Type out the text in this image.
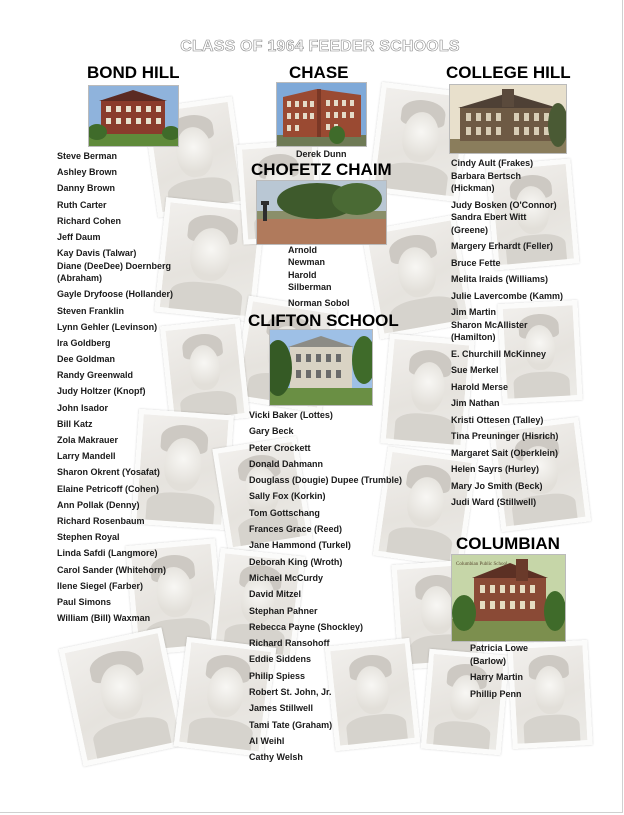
CLASS OF 1964 FEEDER SCHOOLS
BOND HILL
Steve Berman
Ashley Brown
Danny Brown
Ruth Carter
Richard Cohen
Jeff Daum
Kay Davis (Talwar)
Diane (DeeDee) Doernberg
(Abraham)
Gayle Dryfoose (Hollander)
Steven Franklin
Lynn Gehler (Levinson)
Ira Goldberg
Dee Goldman
Randy Greenwald
Judy Holtzer (Knopf)
John Isador
Bill Katz
Zola Makrauer
Larry Mandell
Sharon Okrent (Yosafat)
Elaine Petricoff (Cohen)
Ann Pollak (Denny)
Richard Rosenbaum
Stephen Royal
Linda Safdi (Langmore)
Carol Sander (Whitehorn)
Ilene Siegel (Farber)
Paul Simons
William (Bill) Waxman
CHASE
Derek Dunn
CHOFETZ CHAIM
Arnold
Newman
Harold
Silberman
Norman Sobol
CLIFTON SCHOOL
Vicki Baker (Lottes)
Gary Beck
Peter Crockett
Donald Dahmann
Douglass (Dougie) Dupee (Trumble)
Sally Fox (Korkin)
Tom Gottschang
Frances Grace (Reed)
Jane Hammond (Turkel)
Deborah King (Wroth)
Michael McCurdy
David Mitzel
Stephan Pahner
Rebecca Payne (Shockley)
Richard Ransohoff
Eddie Siddens
Philip Spiess
Robert St. John, Jr.
James Stillwell
Tami Tate (Graham)
Al Weihl
Cathy Welsh
COLLEGE HILL
Cindy Ault (Frakes)
Barbara Bertsch
(Hickman)
Judy Bosken (O'Connor)
Sandra Ebert Witt
(Greene)
Margery Erhardt (Feller)
Bruce Fette
Melita Iraids (Williams)
Julie Lavercombe (Kamm)
Jim Martin
Sharon McAllister
(Hamilton)
E. Churchill McKinney
Sue Merkel
Harold Merse
Jim Nathan
Kristi Ottesen (Talley)
Tina Preuninger (Hisrich)
Margaret Sait (Oberklein)
Helen Sayrs (Hurley)
Mary Jo Smith (Beck)
Judi Ward (Stillwell)
COLUMBIAN
Columbian Public School
Patricia Lowe
(Barlow)
Harry Martin
Phillip Penn
